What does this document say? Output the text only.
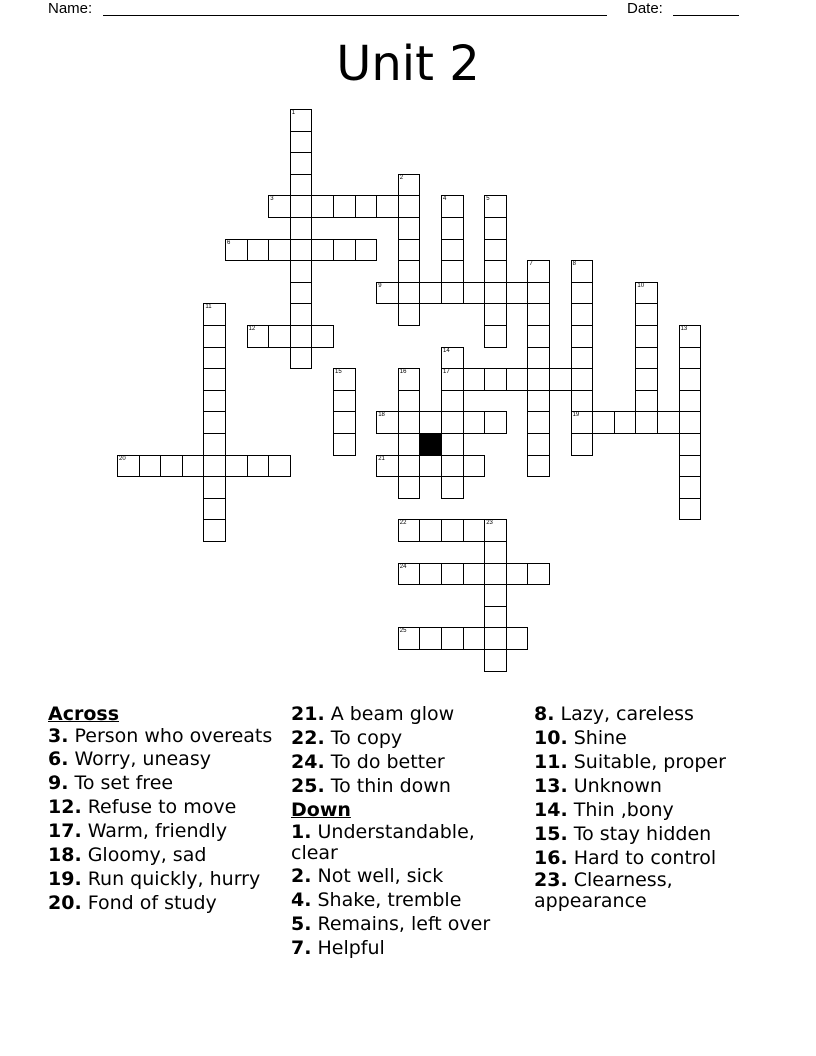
Name:	Date:
Unit 2
1
2
3	4	5
6
7	8
19
9	10
11
12	13
14
17
15	16
18
20	21
22	23
24
25
Across
3. Person who overeats
6. Worry, uneasy
9. To set free
12. Refuse to move
17. Warm, friendly
18. Gloomy, sad
19. Run quickly, hurry
20. Fond of study
21. A beam glow
22. To copy
24. To do better
25. To thin down
Down
1. Understandable, clear
2. Not well, sick
4. Shake, tremble
5. Remains, left over
7. Helpful
8. Lazy, careless
10. Shine
11. Suitable, proper
13. Unknown
14. Thin ,bony
15. To stay hidden
16. Hard to control
23. Clearness, appearance
